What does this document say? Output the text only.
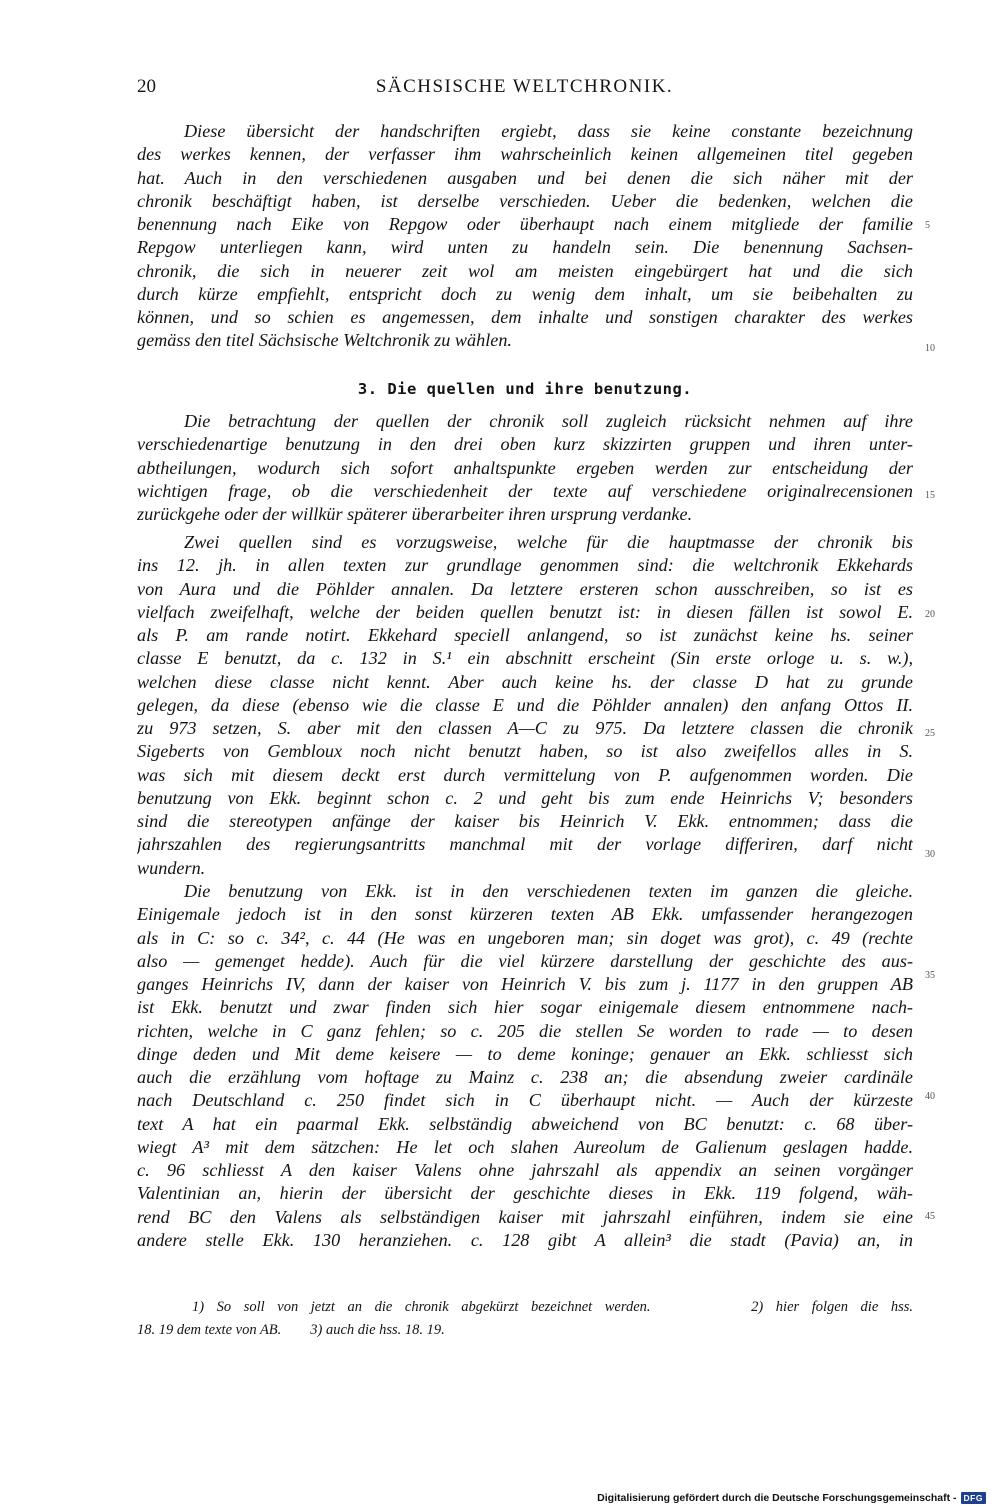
20	SÄCHSISCHE WELTCHRONIK.
Diese übersicht der handschriften ergiebt, dass sie keine constante bezeichnung
des werkes kennen, der verfasser ihm wahrscheinlich keinen allgemeinen titel gegeben
hat. Auch in den verschiedenen ausgaben und bei denen die sich näher mit der
chronik beschäftigt haben, ist derselbe verschieden. Ueber die bedenken, welchen die
benennung nach Eike von Repgow oder überhaupt nach einem mitgliede der familie
Repgow unterliegen kann, wird unten zu handeln sein. Die benennung Sachsen-
chronik, die sich in neuerer zeit wol am meisten eingebürgert hat und die sich
durch kürze empfiehlt, entspricht doch zu wenig dem inhalt, um sie beibehalten zu
können, und so schien es angemessen, dem inhalte und sonstigen charakter des werkes
gemäss den titel Sächsische Weltchronik zu wählen.
3. Die quellen und ihre benutzung.
Die betrachtung der quellen der chronik soll zugleich rücksicht nehmen auf ihre
verschiedenartige benutzung in den drei oben kurz skizzirten gruppen und ihren unter-
abtheilungen, wodurch sich sofort anhaltspunkte ergeben werden zur entscheidung der
wichtigen frage, ob die verschiedenheit der texte auf verschiedene originalrecensionen
zurückgehe oder der willkür späterer überarbeiter ihren ursprung verdanke.
Zwei quellen sind es vorzugsweise, welche für die hauptmasse der chronik bis
ins 12. jh. in allen texten zur grundlage genommen sind: die weltchronik Ekkehards
von Aura und die Pöhlder annalen. Da letztere ersteren schon ausschreiben, so ist es
vielfach zweifelhaft, welche der beiden quellen benutzt ist: in diesen fällen ist sowol E.
als P. am rande notirt. Ekkehard speciell anlangend, so ist zunächst keine hs. seiner
classe E benutzt, da c. 132 in S.¹ ein abschnitt erscheint (Sin erste orloge u. s. w.),
welchen diese classe nicht kennt. Aber auch keine hs. der classe D hat zu grunde
gelegen, da diese (ebenso wie die classe E und die Pöhlder annalen) den anfang Ottos II.
zu 973 setzen, S. aber mit den classen A—C zu 975. Da letztere classen die chronik
Sigeberts von Gembloux noch nicht benutzt haben, so ist also zweifellos alles in S.
was sich mit diesem deckt erst durch vermittelung von P. aufgenommen worden. Die
benutzung von Ekk. beginnt schon c. 2 und geht bis zum ende Heinrichs V; besonders
sind die stereotypen anfänge der kaiser bis Heinrich V. Ekk. entnommen; dass die
jahrszahlen des regierungsantritts manchmal mit der vorlage differiren, darf nicht
wundern.
Die benutzung von Ekk. ist in den verschiedenen texten im ganzen die gleiche.
Einigemale jedoch ist in den sonst kürzeren texten AB Ekk. umfassender herangezogen
als in C: so c. 34², c. 44 (He was en ungeboren man; sin doget was grot), c. 49 (rechte
also — gemenget hedde). Auch für die viel kürzere darstellung der geschichte des aus-
ganges Heinrichs IV, dann der kaiser von Heinrich V. bis zum j. 1177 in den gruppen AB
ist Ekk. benutzt und zwar finden sich hier sogar einigemale diesem entnommene nach-
richten, welche in C ganz fehlen; so c. 205 die stellen Se worden to rade — to desen
dinge deden und Mit deme keisere — to deme koninge; genauer an Ekk. schliesst sich
auch die erzählung vom hoftage zu Mainz c. 238 an; die absendung zweier cardinäle
nach Deutschland c. 250 findet sich in C überhaupt nicht. — Auch der kürzeste
text A hat ein paarmal Ekk. selbständig abweichend von BC benutzt: c. 68 über-
wiegt A³ mit dem sätzchen: He let och slahen Aureolum de Galienum geslagen hadde.
c. 96 schliesst A den kaiser Valens ohne jahrszahl als appendix an seinen vorgänger
Valentinian an, hierin der übersicht der geschichte dieses in Ekk. 119 folgend, wäh-
rend BC den Valens als selbständigen kaiser mit jahrszahl einführen, indem sie eine
andere stelle Ekk. 130 heranziehen. c. 128 gibt A allein³ die stadt (Pavia) an, in
5
10
15
20
25
30
35
40
45
1) So soll von jetzt an die chronik abgekürzt bezeichnet werden.        2) hier folgen die hss.
18. 19 dem texte von AB.        3) auch die hss. 18. 19.
Digitalisierung gefördert durch die Deutsche Forschungsgemeinschaft - DFG
